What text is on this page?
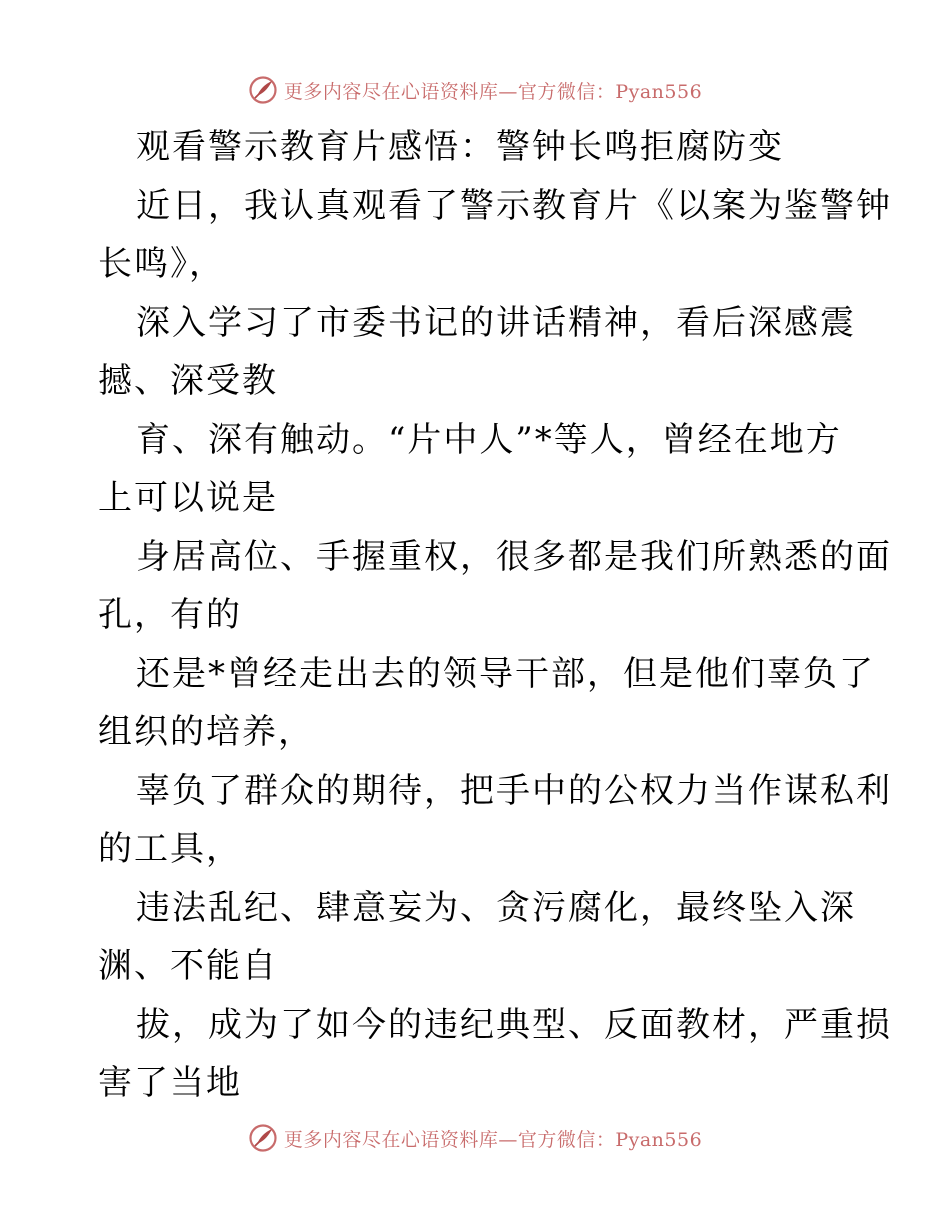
更多内容尽在心语资料库—官方微信：Pyan556
观看警示教育片感悟：警钟长鸣拒腐防变
近日，我认真观看了警示教育片《以案为鉴警钟
长鸣》，
深入学习了市委书记的讲话精神，看后深感震
撼、深受教
育、深有触动。“片中人”*等人，曾经在地方
上可以说是
身居高位、手握重权，很多都是我们所熟悉的面
孔，有的
还是*曾经走出去的领导干部，但是他们辜负了
组织的培养，
辜负了群众的期待，把手中的公权力当作谋私利
的工具，
违法乱纪、肆意妄为、贪污腐化，最终坠入深
渊、不能自
拔，成为了如今的违纪典型、反面教材，严重损
害了当地
更多内容尽在心语资料库—官方微信：Pyan556
